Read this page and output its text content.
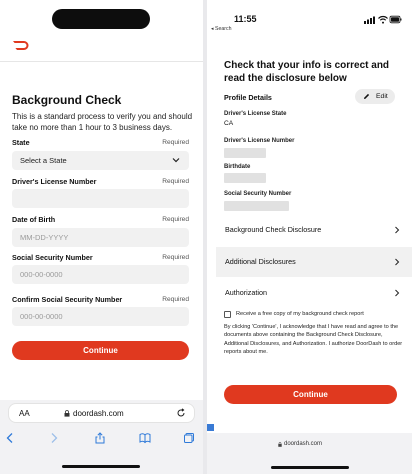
Background Check
This is a standard process to verify you and should take no more than 1 hour to 3 business days.
State	Required
Select a State
Driver's License Number	Required
Date of Birth	Required
MM-DD-YYYY
Social Security Number	Required
000-00-0000
Confirm Social Security Number	Required
000-00-0000
Continue
AA	doordash.com
11:55
◂ Search
Check that your info is correct and read the disclosure below
Profile Details	Edit
Driver's License State
CA
Driver's License Number
Birthdate
Social Security Number
Background Check Disclosure
Additional Disclosures
Authorization
Receive a free copy of my background check report
By clicking 'Continue', I acknowledge that I have read and agree to the documents above containing the Background Check Disclosure, Additional Disclosures, and Authorization. I authorize DoorDash to order reports about me.
Continue
doordash.com
